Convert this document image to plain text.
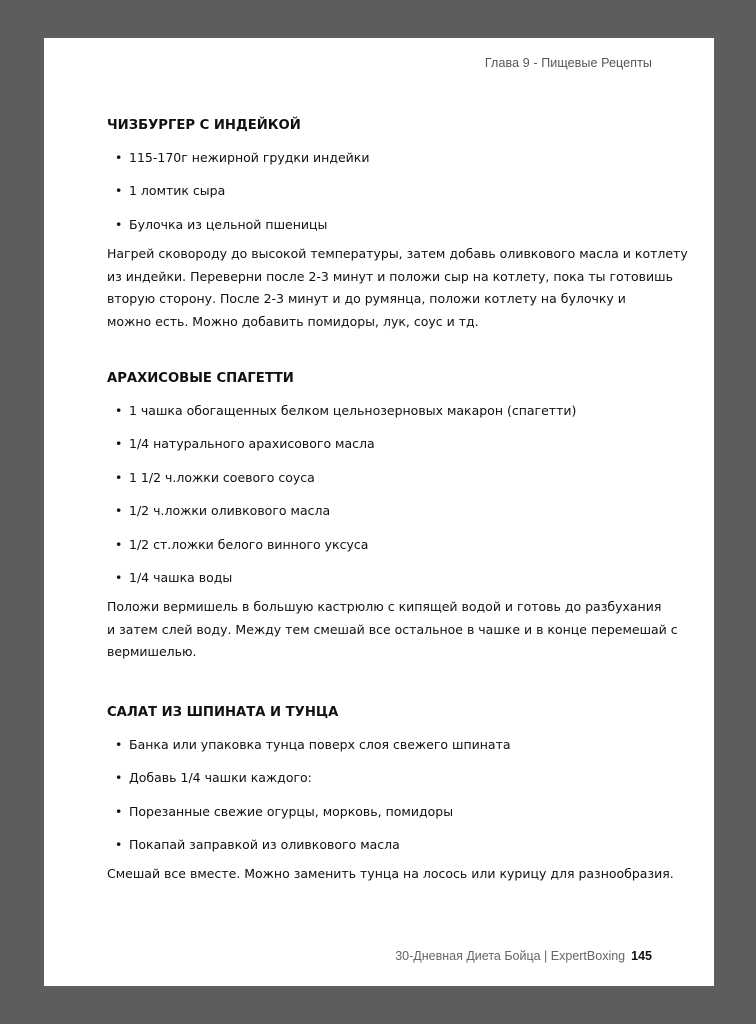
Глава 9 - Пищевые Рецепты
ЧИЗБУРГЕР С ИНДЕЙКОЙ
• 115-170г нежирной грудки индейки
• 1 ломтик сыра
• Булочка из цельной пшеницы
Нагрей сковороду до высокой температуры, затем добавь оливкового масла и котлету
из индейки. Переверни после 2-3 минут и положи сыр на котлету, пока ты готовишь
вторую сторону. После 2-3 минут и до румянца, положи котлету на булочку и
можно есть. Можно добавить помидоры, лук, соус и тд.
АРАХИСОВЫЕ СПАГЕТТИ
• 1 чашка обогащенных белком цельнозерновых макарон (спагетти)
• 1/4 натурального арахисового масла
• 1 1/2 ч.ложки соевого соуса
• 1/2 ч.ложки оливкового масла
• 1/2 ст.ложки белого винного уксуса
• 1/4 чашка воды
Положи вермишель в большую кастрюлю с кипящей водой и готовь до разбухания
и затем слей воду. Между тем смешай все остальное в чашке и в конце перемешай с
вермишелью.
САЛАТ ИЗ ШПИНАТА И ТУНЦА
• Банка или упаковка тунца поверх слоя свежего шпината
• Добавь 1/4 чашки каждого:
• Порезанные свежие огурцы, морковь, помидоры
• Покапай заправкой из оливкового масла
Смешай все вместе. Можно заменить тунца на лосось или курицу для разнообразия.
30-Дневная Диета Бойца | ExpertBoxing 145
